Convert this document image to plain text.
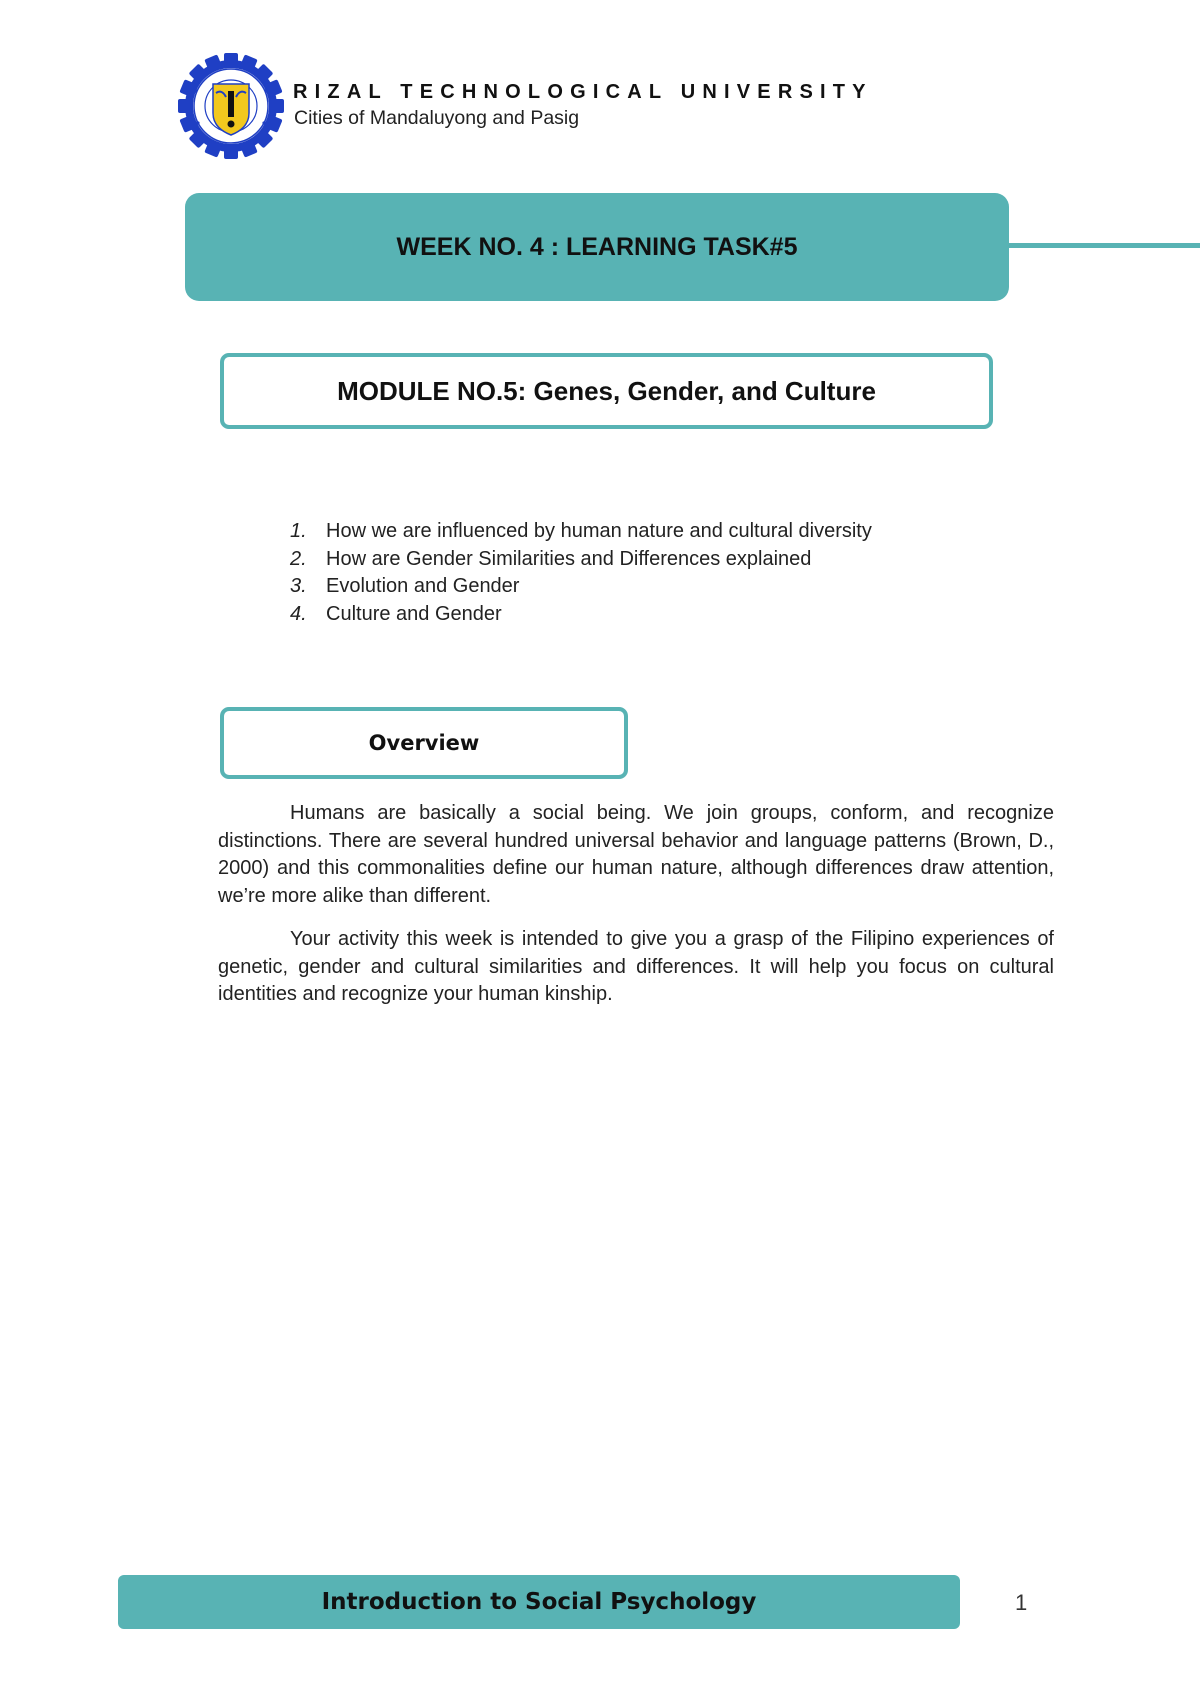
RIZAL TECHNOLOGICAL UNIVERSITY
Cities of Mandaluyong and Pasig
WEEK NO. 4 : LEARNING TASK#5
MODULE NO.5: Genes, Gender, and Culture
1. How we are influenced by human nature and cultural diversity
2. How are Gender Similarities and Differences explained
3. Evolution and Gender
4. Culture and Gender
Overview

Humans are basically a social being. We join groups, conform, and recognize distinctions. There are several hundred universal behavior and language patterns (Brown, D., 2000) and this commonalities define our human nature, although differences draw attention, we’re more alike than different.

Your activity this week is intended to give you a grasp of the Filipino experiences of genetic, gender and cultural similarities and differences. It will help you focus on cultural identities and recognize your human kinship.

Introduction to Social Psychology	1
